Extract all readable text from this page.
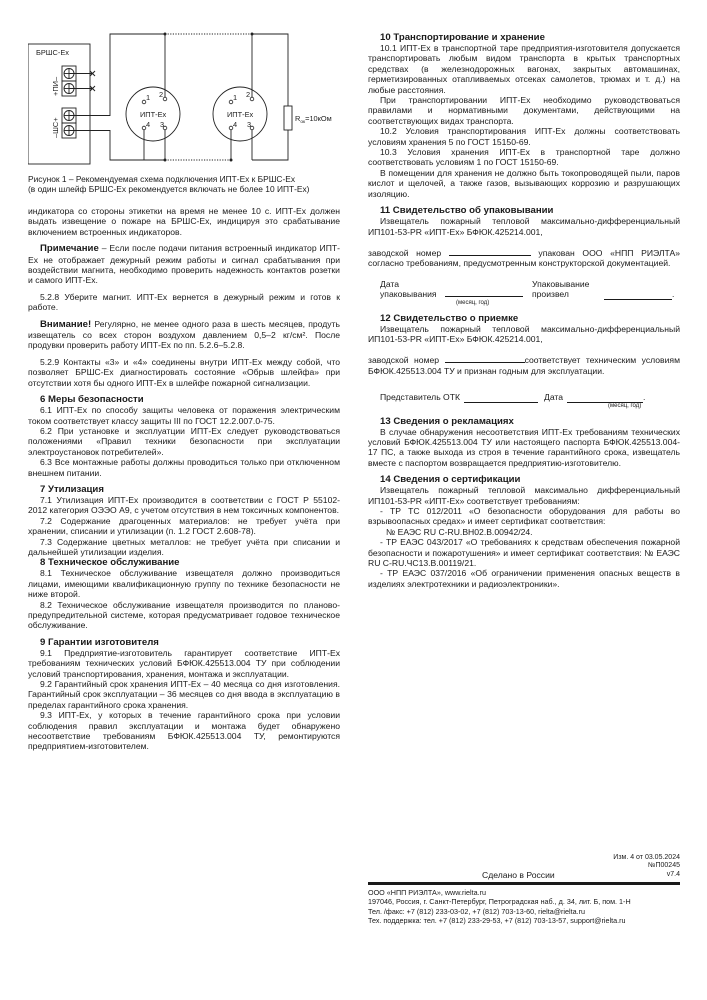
БРШС-Ex
+ПИ–
–ШС+
ИПТ-Ex	ИПТ-Ex
1 2
4 3
1 2
4 3
$R_{ок}=10кОм$
Рисунок 1 – Рекомендуемая схема подключения ИПТ-Ex к БРШС-Ex
(в один шлейф БРШС-Ex рекомендуется включать не более 10 ИПТ-Ex)

индикатора со стороны этикетки на время не менее 10 с. ИПТ-Ex должен выдать извещение о пожаре на БРШС-Ex, индицируя это срабатывание включением встроенных индикаторов.

Примечание – Если после подачи питания встроенный индикатор ИПТ-Ex не отображает дежурный режим работы и сигнал срабатывания при воздействии магнита, необходимо проверить надежность контактов розетки и самого ИПТ-Ex.

5.2.8 Уберите магнит. ИПТ-Ex вернется в дежурный режим и готов к работе.

Внимание! Регулярно, не менее одного раза в шесть месяцев, продуть извещатель со всех сторон воздухом давлением 0,5–2 кг/см². После продувки проверить работу ИПТ-Ex по пп. 5.2.6–5.2.8.

5.2.9 Контакты «3» и «4» соединены внутри ИПТ-Ex между собой, что позволяет БРШС-Ex диагностировать состояние «Обрыв шлейфа» при отсутствии хотя бы одного ИПТ-Ex в шлейфе пожарной сигнализации.

6 Меры безопасности

6.1 ИПТ-Ex по способу защиты человека от поражения электрическим током соответствует классу защиты III по ГОСТ 12.2.007.0-75.

6.2 При установке и эксплуатции ИПТ-Ex следует руководствоваться положениями «Правил техники безопасности при эксплуатации электроустановок потребителей».

6.3 Все монтажные работы должны проводиться только при отключенном внешнем питании.

7 Утилизация

7.1 Утилизация ИПТ-Ex производится в соответствии с ГОСТ Р 55102-2012 категория ОЭЭО А9, с учетом отсутствия в нем токсичных компонентов.

7.2 Содержание драгоценных материалов: не требует учёта при хранении, списании и утилизации (п. 1.2 ГОСТ 2.608-78).

7.3 Содержание цветных металлов: не требует учёта при списании и дальнейшей утилизации изделия.

8 Техническое обслуживание

8.1 Техническое обслуживание извещателя должно производиться лицами, имеющими квалификационную группу по технике безопасности не ниже второй.

8.2 Техническое обслуживание извещателя производится по планово-предупредительной системе, которая предусматривает годовое техническое обслуживание.

9 Гарантии изготовителя

9.1 Предприятие-изготовитель гарантирует соответствие ИПТ-Ex требованиям технических условий БФЮК.425513.004 ТУ при соблюдении условий транспортирования, хранения, монтажа и эксплуатации.

9.2 Гарантийный срок хранения ИПТ-Ex – 40 месяца со дня изготовления. Гарантийный срок эксплуатации – 36 месяцев со дня ввода в эксплуатацию в пределах гарантийного срока хранения.

9.3 ИПТ-Ex, у которых в течение гарантийного срока при условии соблюдения правил эксплуатации и монтажа будет обнаружено несоответствие требованиям БФЮК.425513.004 ТУ, ремонтируются предприятием-изготовителем.

10 Транспортирование и хранение

10.1 ИПТ-Ex в транспортной таре предприятия-изготовителя допускается транспортировать любым видом транспорта в крытых транспортных средствах (в железнодорожных вагонах, закрытых автомашинах, герметизированных отапливаемых отсеках самолетов, трюмах и т. д.) на любые расстояния.

При транспортировании ИПТ-Ex необходимо руководствоваться правилами и нормативными документами, действующими на соответствующих видах транспорта.

10.2 Условия транспортирования ИПТ-Ex должны соответствовать условиям хранения 5 по ГОСТ 15150-69.

10.3 Условия хранения ИПТ-Ex в транспортной таре должно соответствовать условиям 1 по ГОСТ 15150-69.

В помещении для хранения не должно быть токопроводящей пыли, паров кислот и щелочей, а также газов, вызывающих коррозию и разрушающих изоляцию.

11 Свидетельство об упаковывании

Извещатель пожарный тепловой максимально-дифференциальный ИП101-53-PR «ИПТ-Ex» БФЮК.425214.001,

заводской номер	упакован ООО «НПП РИЭЛТА» согласно требованиям, предусмотренным конструкторской документацией.

Дата
упаковывания
Упаковывание
произвел	.
(месяц, год)
12 Свидетельство о приемке

Извещатель пожарный тепловой максимально-дифференциальный ИП101-53-PR «ИПТ-Ex» БФЮК.425214.001,

заводской номер	соответствует техническим условиям БФЮК.425513.004 ТУ и признан годным для эксплуатации.

Представитель ОТК	Дата	.
(месяц, год)
13 Сведения о рекламациях

В случае обнаружения несоответствия ИПТ-Ex требованиям технических условий БФЮК.425513.004 ТУ или настоящего паспорта БФЮК.425513.004-17 ПС, а также выхода из строя в течение гарантийного срока, извещатель вместе с паспортом возвращается предприятию-изготовителю.

14 Сведения о сертификации

Извещатель пожарный тепловой максимально дифференциальный ИП101-53-PR «ИПТ-Ex» соответствует требованиям:

- ТР ТС 012/2011 «О безопасности оборудования для работы во взрывоопасных средах» и имеет сертификат соответствия:

№ ЕАЭС RU C-RU.ВН02.В.00942/24.

- ТР ЕАЭС 043/2017 «О требованиях к средствам обеспечения пожарной безопасности и пожаротушения» и имеет сертификат соответствия: № ЕАЭС RU C-RU.ЧС13.В.00119/21.

- ТР ЕАЭС 037/2016 «Об ограничении применения опасных веществ в изделиях электротехники и радиоэлектроники».

Изм. 4 от 03.05.2024
№П00245
v7.4
Сделано в России
ООО «НПП РИЭЛТА», www.rielta.ru
197046, Россия, г. Санкт-Петербург, Петроградская наб., д. 34, лит. Б, пом. 1-Н
Тел. /факс: +7 (812) 233-03-02, +7 (812) 703-13-60, rielta@rielta.ru
Тех. поддержка: тел. +7 (812) 233-29-53, +7 (812) 703-13-57, support@rielta.ru
